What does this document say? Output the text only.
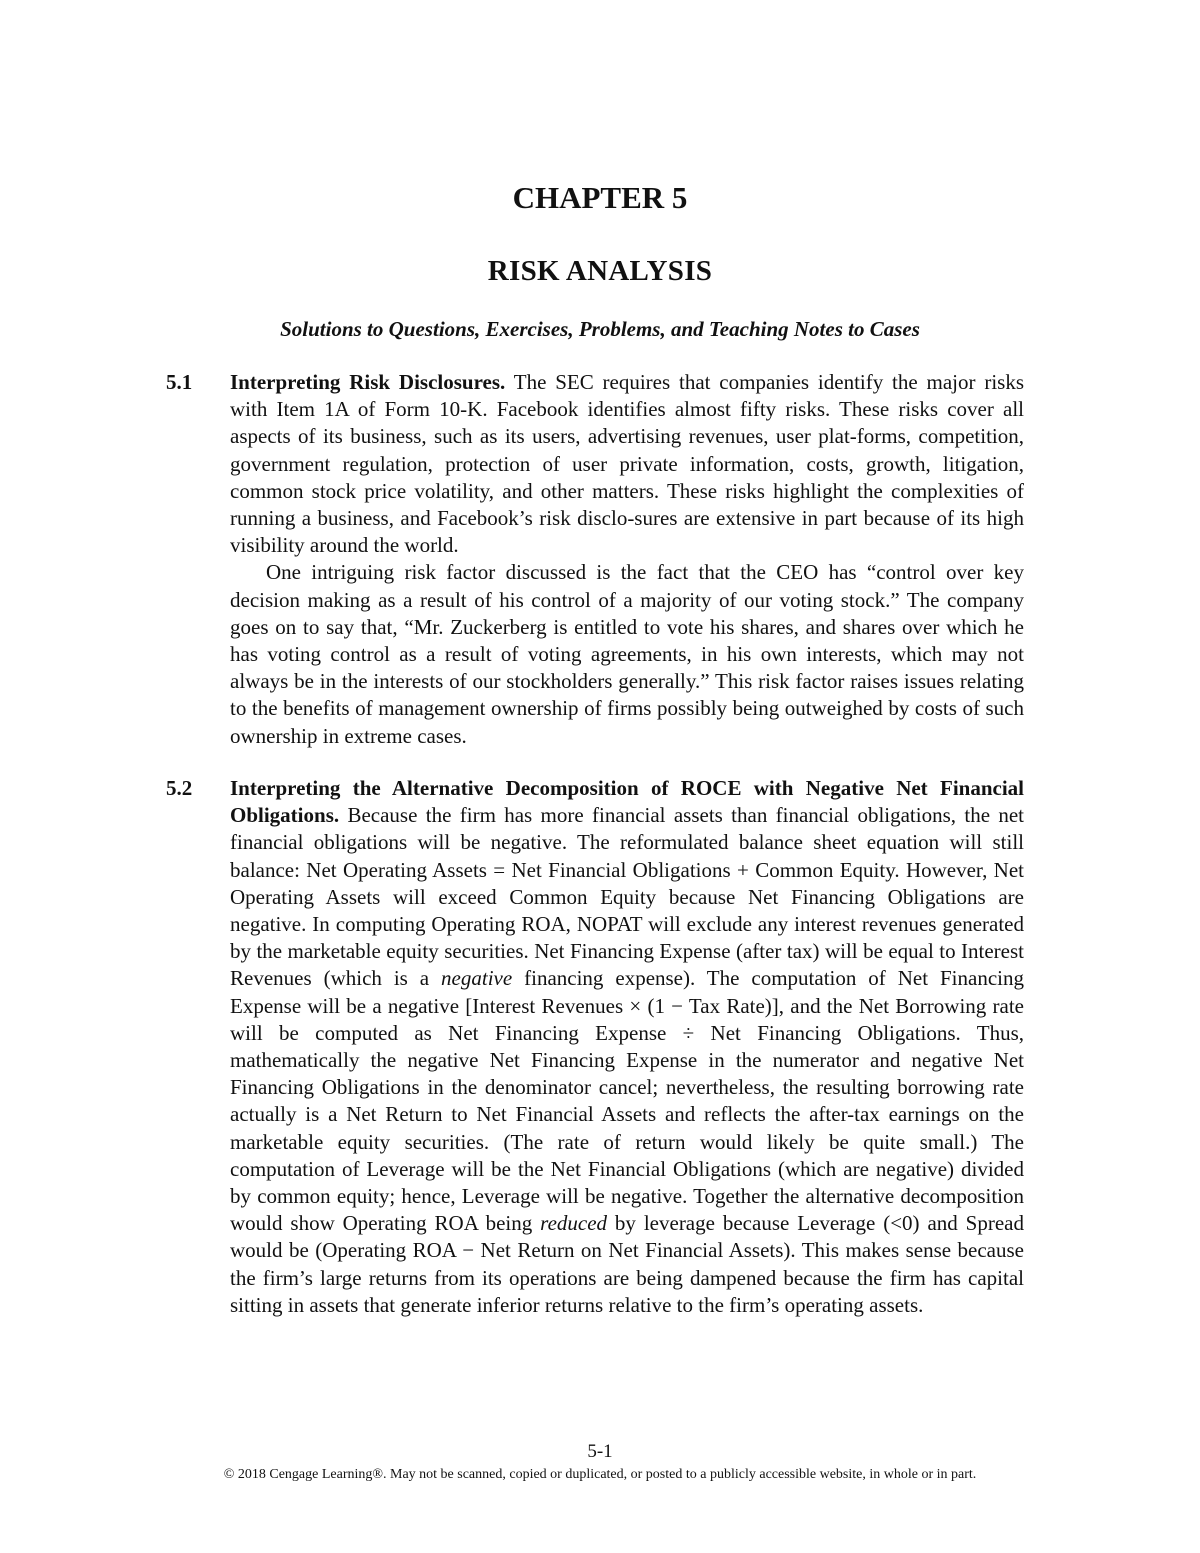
CHAPTER 5
RISK ANALYSIS
Solutions to Questions, Exercises, Problems, and Teaching Notes to Cases
5.1	Interpreting Risk Disclosures. The SEC requires that companies identify the major risks with Item 1A of Form 10-K. Facebook identifies almost fifty risks. These risks cover all aspects of its business, such as its users, advertising revenues, user plat-forms, competition, government regulation, protection of user private information, costs, growth, litigation, common stock price volatility, and other matters. These risks highlight the complexities of running a business, and Facebook’s risk disclo-sures are extensive in part because of its high visibility around the world.

One intriguing risk factor discussed is the fact that the CEO has “control over key decision making as a result of his control of a majority of our voting stock.” The company goes on to say that, “Mr. Zuckerberg is entitled to vote his shares, and shares over which he has voting control as a result of voting agreements, in his own interests, which may not always be in the interests of our stockholders generally.” This risk factor raises issues relating to the benefits of management ownership of firms possibly being outweighed by costs of such ownership in extreme cases.

5.2	Interpreting the Alternative Decomposition of ROCE with Negative Net Financial Obligations. Because the firm has more financial assets than financial obligations, the net financial obligations will be negative. The reformulated balance sheet equation will still balance: Net Operating Assets = Net Financial Obligations + Common Equity. However, Net Operating Assets will exceed Common Equity because Net Financing Obligations are negative. In computing Operating ROA, NOPAT will exclude any interest revenues generated by the marketable equity securities. Net Financing Expense (after tax) will be equal to Interest Revenues (which is a negative financing expense). The computation of Net Financing Expense will be a negative [Interest Revenues × (1 − Tax Rate)], and the Net Borrowing rate will be computed as Net Financing Expense ÷ Net Financing Obligations. Thus, mathematically the negative Net Financing Expense in the numerator and negative Net Financing Obligations in the denominator cancel; nevertheless, the resulting borrowing rate actually is a Net Return to Net Financial Assets and reflects the after-tax earnings on the marketable equity securities. (The rate of return would likely be quite small.) The computation of Leverage will be the Net Financial Obligations (which are negative) divided by common equity; hence, Leverage will be negative. Together the alternative decomposition would show Operating ROA being reduced by leverage because Leverage (<0) and Spread would be (Operating ROA − Net Return on Net Financial Assets). This makes sense because the firm’s large returns from its operations are being dampened because the firm has capital sitting in assets that generate inferior returns relative to the firm’s operating assets.

5-1
© 2018 Cengage Learning®. May not be scanned, copied or duplicated, or posted to a publicly accessible website, in whole or in part.
